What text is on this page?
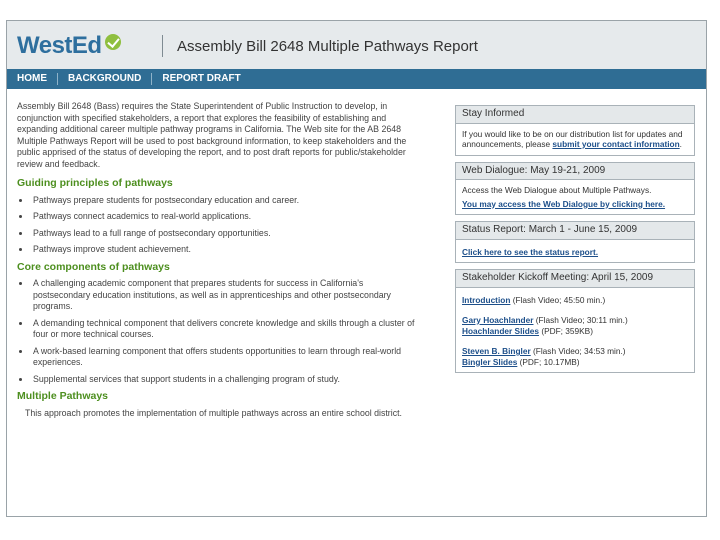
WestEd	Assembly Bill 2648 Multiple Pathways Report
HOME	BACKGROUND	REPORT DRAFT

Assembly Bill 2648 (Bass) requires the State Superintendent of Public Instruction to develop, in conjunction with specified stakeholders, a report that explores the feasibility of establishing and expanding additional career multiple pathway programs in California. The Web site for the AB 2648 Multiple Pathways Report will be used to post background information, to keep stakeholders and the public apprised of the status of developing the report, and to post draft reports for public/stakeholder review and feedback.

Guiding principles of pathways
• Pathways prepare students for postsecondary education and career.
• Pathways connect academics to real-world applications.
• Pathways lead to a full range of postsecondary opportunities.
• Pathways improve student achievement.
Core components of pathways
• A challenging academic component that prepares students for success in California's postsecondary education institutions, as well as in apprenticeships and other postsecondary programs.
• A demanding technical component that delivers concrete knowledge and skills through a cluster of four or more technical courses.
• A work-based learning component that offers students opportunities to learn through real-world experiences.
• Supplemental services that support students in a challenging program of study.
Multiple Pathways

This approach promotes the implementation of multiple pathways across an entire school district.

Stay Informed
If you would like to be on our distribution list for updates and announcements, please submit your contact information.
Web Dialogue: May 19-21, 2009
Access the Web Dialogue about Multiple Pathways.
You may access the Web Dialogue by clicking here.
Status Report: March 1 - June 15, 2009
Click here to see the status report.
Stakeholder Kickoff Meeting: April 15, 2009
Introduction (Flash Video; 45:50 min.)
Gary Hoachlander (Flash Video; 30:11 min.)
Hoachlander Slides (PDF; 359KB)
Steven B. Bingler (Flash Video; 34:53 min.)
Bingler Slides (PDF; 10.17MB)
